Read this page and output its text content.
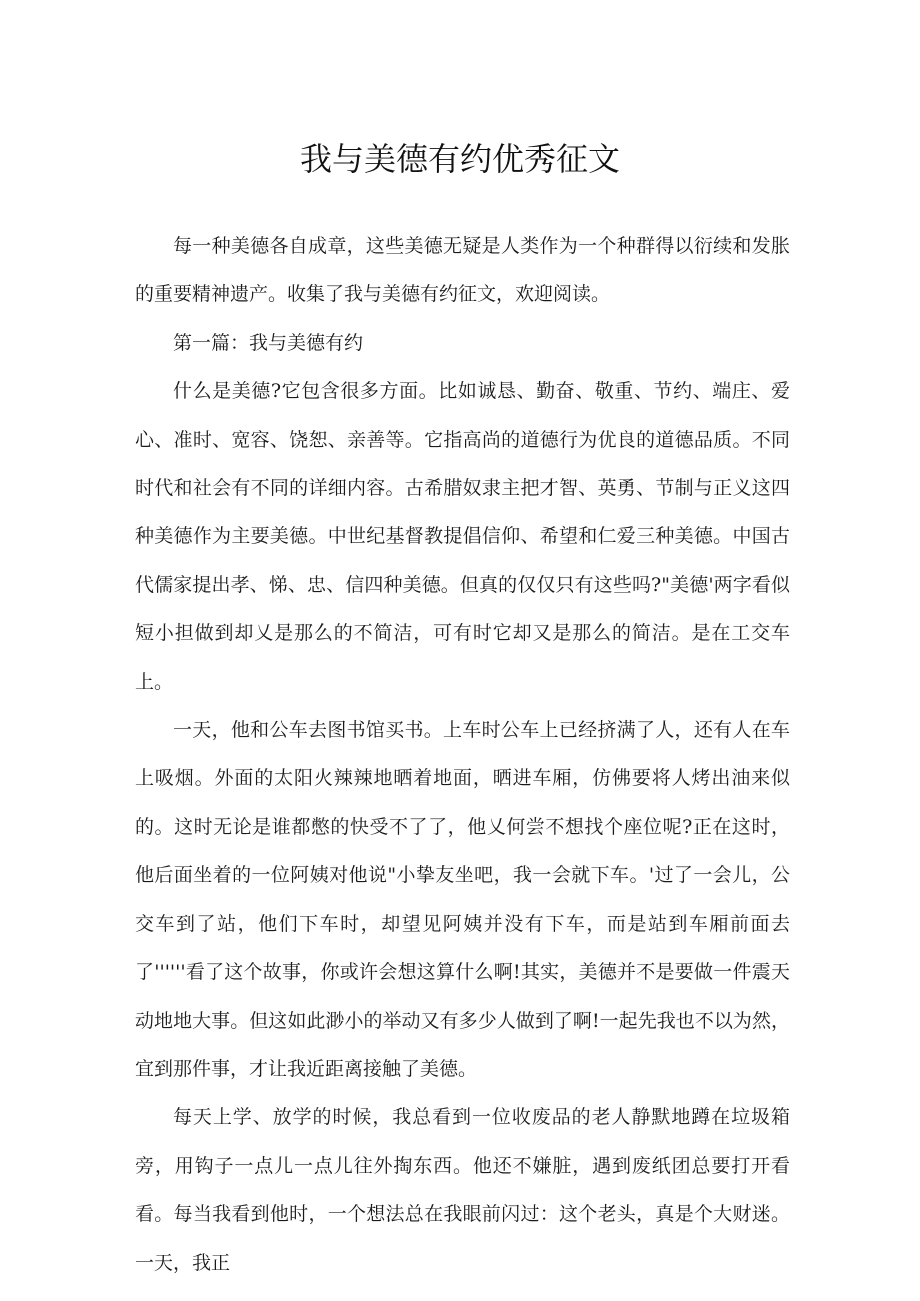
我与美德有约优秀征文

每一种美德各自成章，这些美德无疑是人类作为一个种群得以衍续和发胀的重要精神遗产。收集了我与美德有约征文，欢迎阅读。

第一篇：我与美德有约

什么是美德?它包含很多方面。比如诚恳、勤奋、敬重、节约、端庄、爱心、准时、宽容、饶恕、亲善等。它指高尚的道德行为优良的道德品质。不同时代和社会有不同的详细内容。古希腊奴隶主把才智、英勇、节制与正义这四种美德作为主要美德。中世纪基督教提倡信仰、希望和仁爱三种美德。中国古代儒家提出孝、悌、忠、信四种美德。但真的仅仅只有这些吗?"美德'两字看似短小担做到却乂是那么的不简洁，可有时它却又是那么的简洁。是在工交车上。

一天，他和公车去图书馆买书。上车时公车上已经挤满了人，还有人在车上吸烟。外面的太阳火辣辣地晒着地面，晒进车厢，仿佛要将人烤出油来似的。这时无论是谁都憋的快受不了了，他乂何尝不想找个座位呢?正在这时，他后面坐着的一位阿姨对他说"小挚友坐吧，我一会就下车。'过了一会儿，公交车到了站，他们下车时，却望见阿姨并没有下车，而是站到车厢前面去了''''''看了这个故事，你或许会想这算什么啊!其实，美德并不是要做一件震天动地地大事。但这如此渺小的举动又有多少人做到了啊!一起先我也不以为然，宜到那件事，才让我近距离接触了美德。

每天上学、放学的时候，我总看到一位收废品的老人静默地蹲在垃圾箱旁，用钩子一点儿一点儿往外掏东西。他还不嫌脏，遇到废纸团总要打开看看。每当我看到他时，一个想法总在我眼前闪过：这个老头，真是个大财迷。一天，我正
